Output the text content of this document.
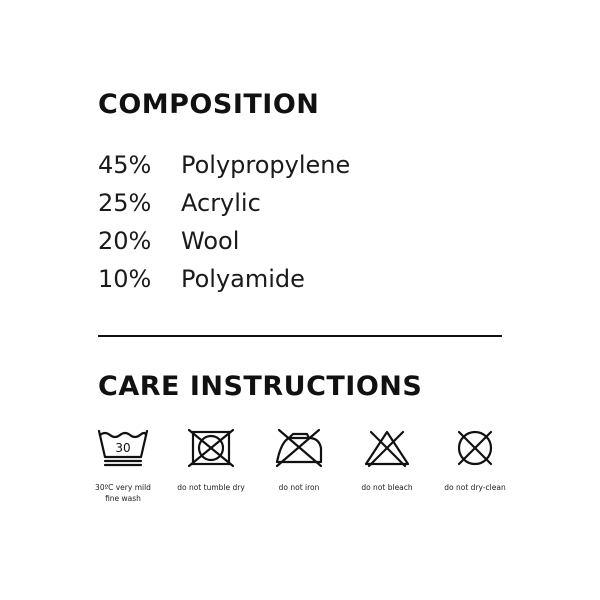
COMPOSITION
45%	Polypropylene
25%	Acrylic
20%	Wool
10%	Polyamide
CARE INSTRUCTIONS
30
30ºC very mild
fine wash
do not tumble dry	do not iron	do not bleach	do not dry-clean
